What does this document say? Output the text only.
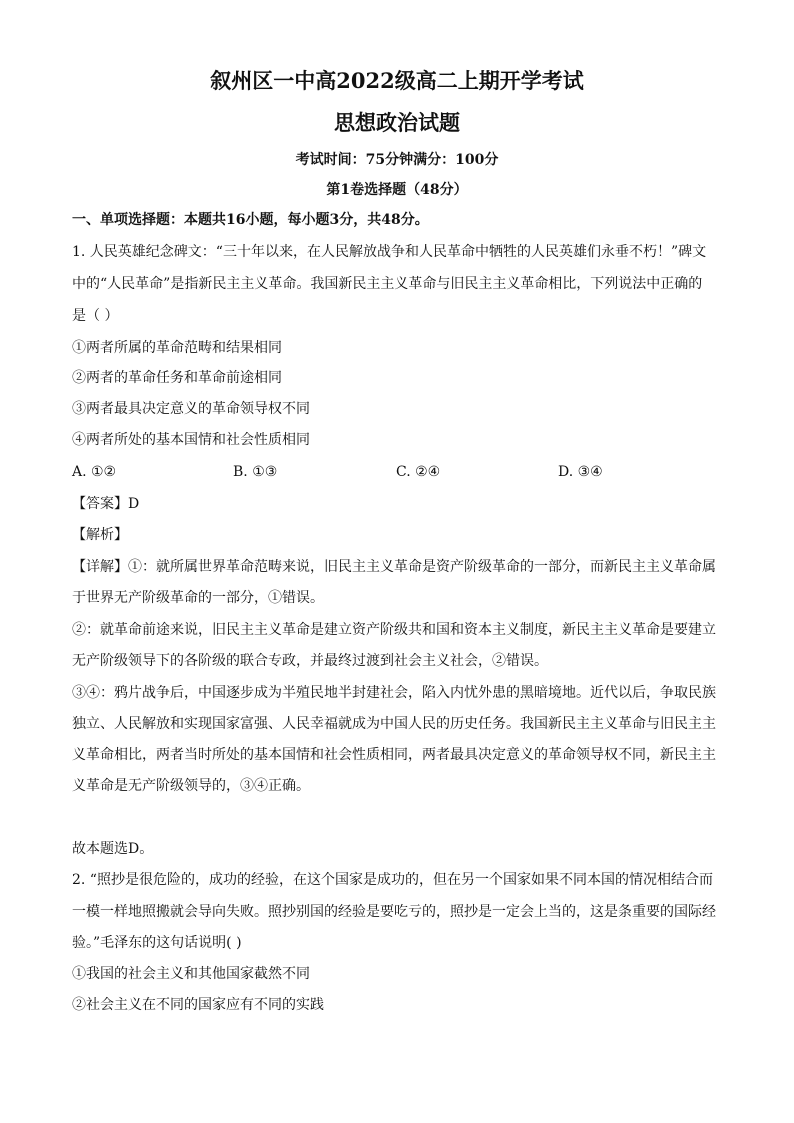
叙州区一中高2022级高二上期开学考试
思想政治试题
考试时间：75分钟满分：100分
第1卷选择题（48分）
一、单项选择题：本题共16小题，每小题3分，共48分。
1. 人民英雄纪念碑文：“三十年以来，在人民解放战争和人民革命中牺牲的人民英雄们永垂不朽！”碑文
中的“人民革命”是指新民主主义革命。我国新民主主义革命与旧民主主义革命相比，下列说法中正确的
是（ ）
①两者所属的革命范畴和结果相同
②两者的革命任务和革命前途相同
③两者最具决定意义的革命领导权不同
④两者所处的基本国情和社会性质相同
A. ①②	B. ①③	C. ②④	D. ③④
【答案】D
【解析】
【详解】①：就所属世界革命范畴来说，旧民主主义革命是资产阶级革命的一部分，而新民主主义革命属
于世界无产阶级革命的一部分，①错误。
②：就革命前途来说，旧民主主义革命是建立资产阶级共和国和资本主义制度，新民主主义革命是要建立
无产阶级领导下的各阶级的联合专政，并最终过渡到社会主义社会，②错误。
③④：鸦片战争后，中国逐步成为半殖民地半封建社会，陷入内忧外患的黑暗境地。近代以后，争取民族
独立、人民解放和实现国家富强、人民幸福就成为中国人民的历史任务。我国新民主主义革命与旧民主主
义革命相比，两者当时所处的基本国情和社会性质相同，两者最具决定意义的革命领导权不同，新民主主
义革命是无产阶级领导的，③④正确。
故本题选D。
2. “照抄是很危险的，成功的经验，在这个国家是成功的，但在另一个国家如果不同本国的情况相结合而
一模一样地照搬就会导向失败。照抄别国的经验是要吃亏的，照抄是一定会上当的，这是条重要的国际经
验。”毛泽东的这句话说明( )
①我国的社会主义和其他国家截然不同
②社会主义在不同的国家应有不同的实践
